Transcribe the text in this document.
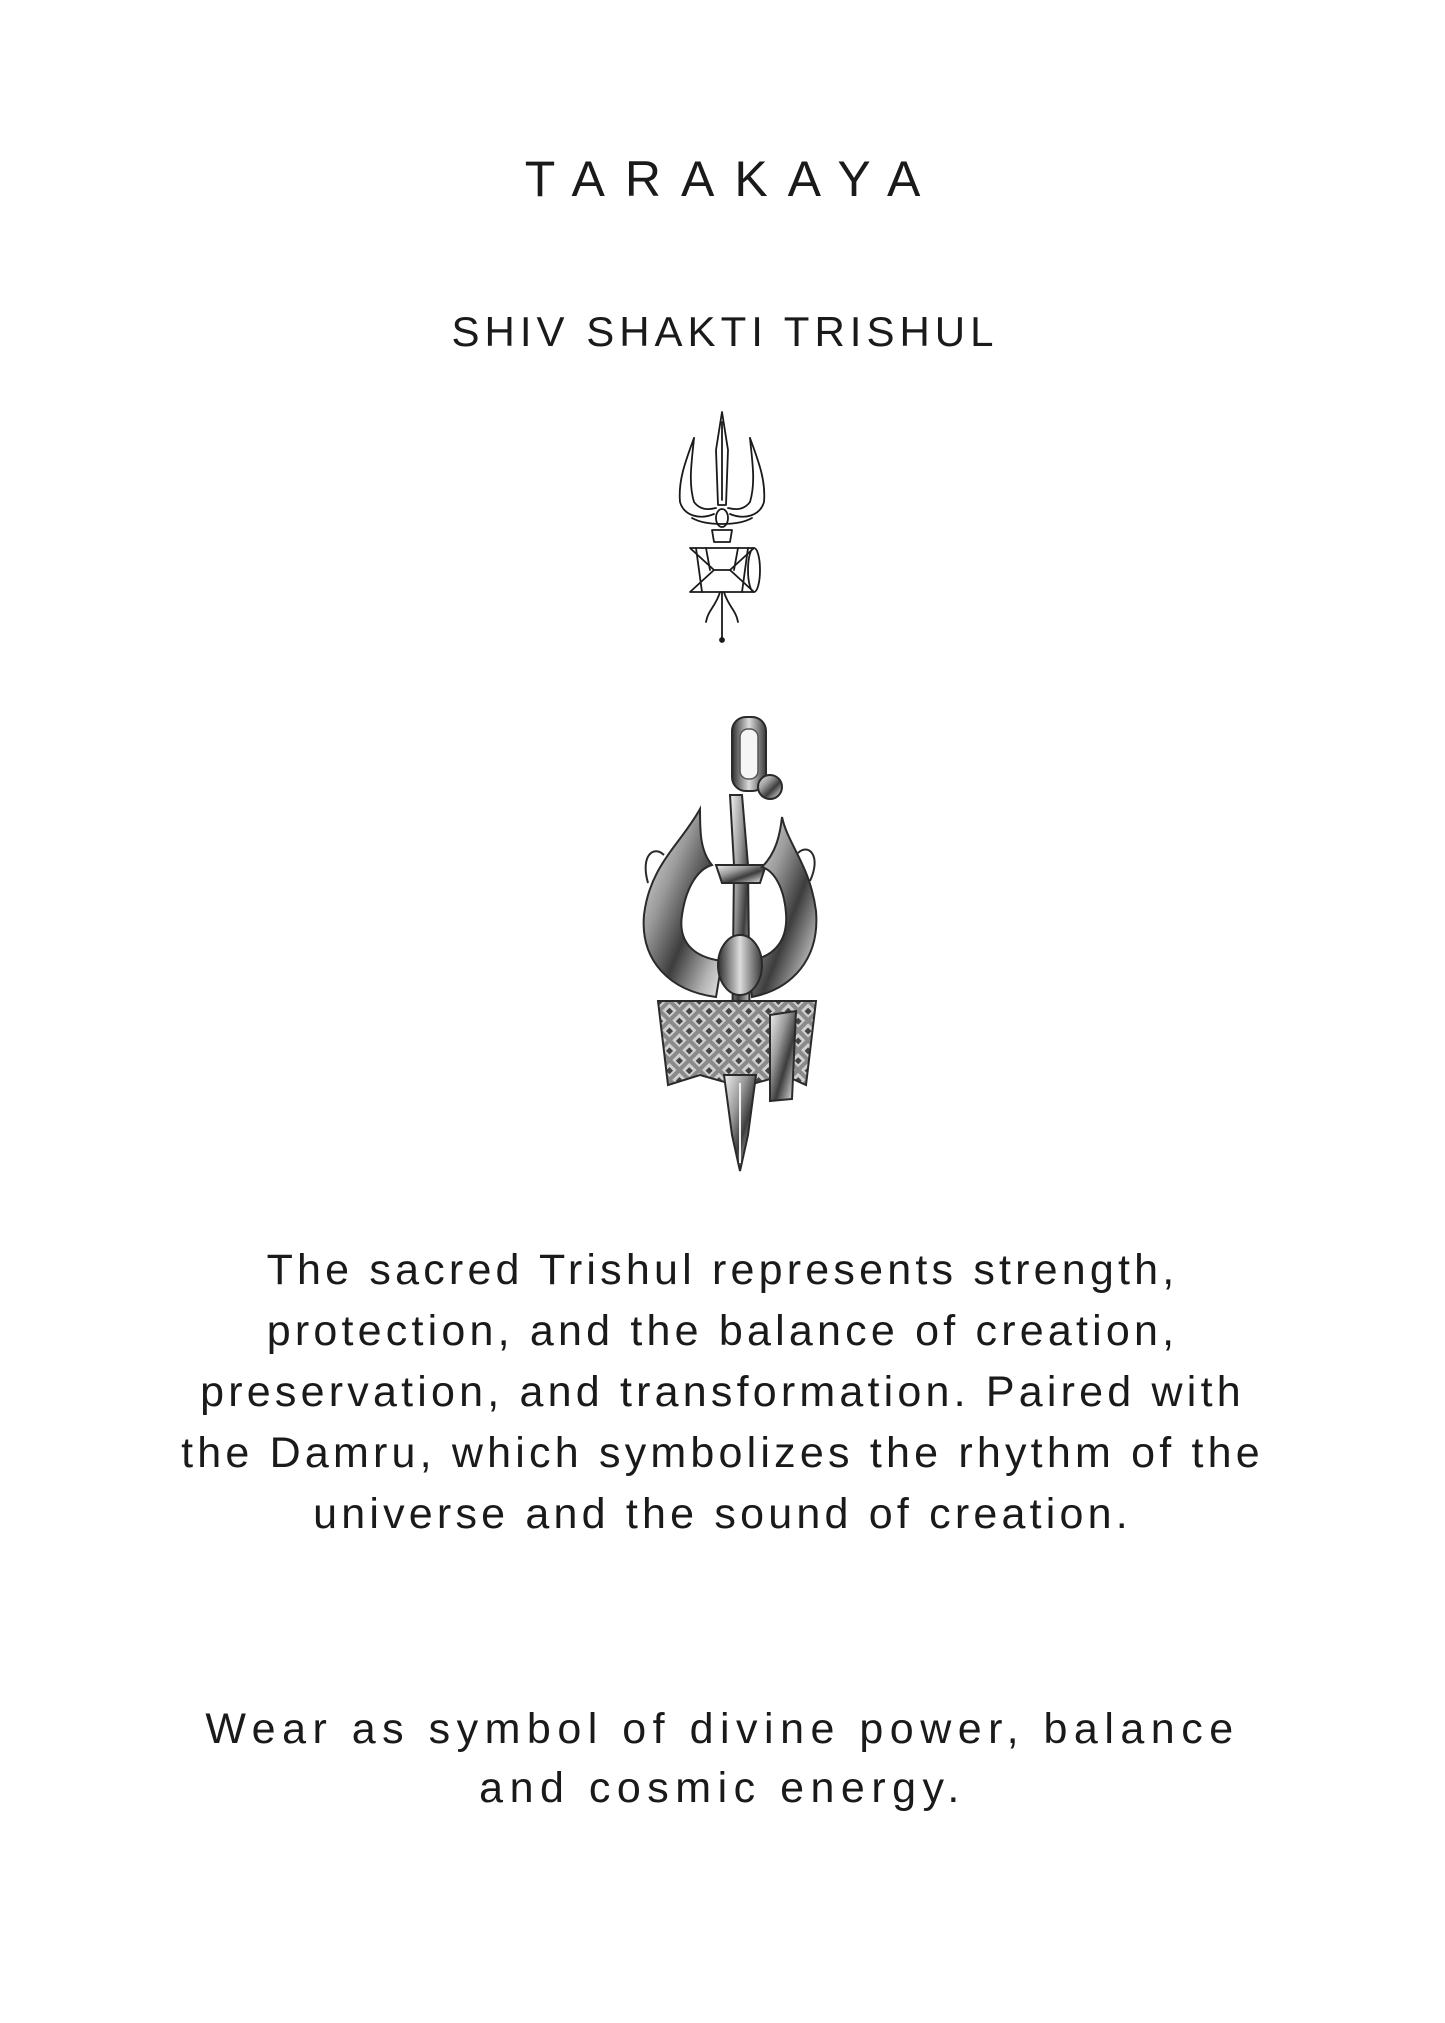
TARAKAYA
SHIV SHAKTI TRISHUL
The sacred Trishul represents strength,
protection, and the balance of creation,
preservation, and transformation. Paired with
the Damru, which symbolizes the rhythm of the
universe and the sound of creation.
Wear as symbol of divine power, balance
and cosmic energy.
